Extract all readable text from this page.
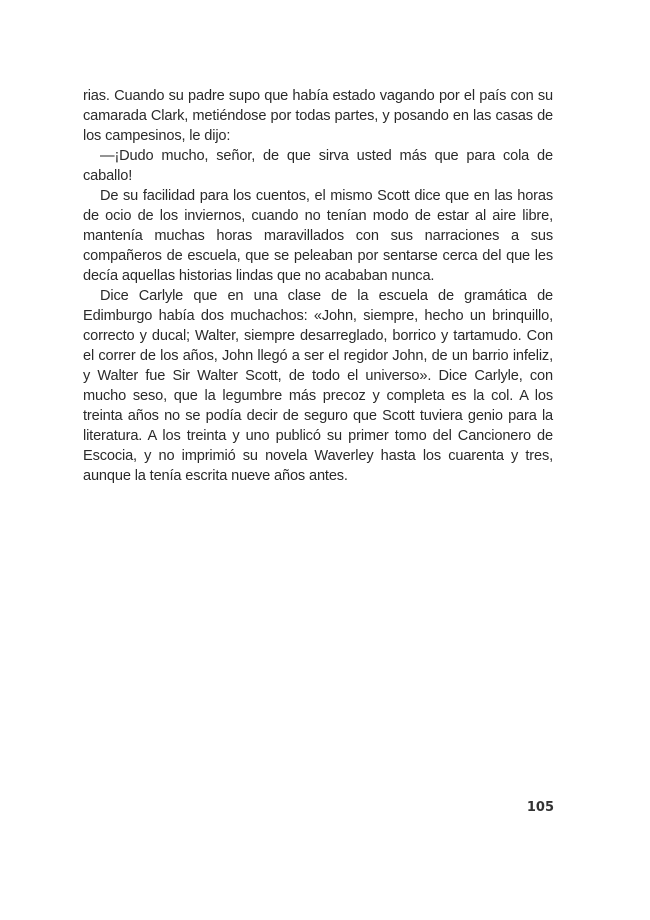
rias. Cuando su padre supo que había estado vagando por el país con su camarada Clark, metiéndose por todas partes, y posando en las casas de los campesinos, le dijo:

—¡Dudo mucho, señor, de que sirva usted más que para cola de caballo!

De su facilidad para los cuentos, el mismo Scott dice que en las horas de ocio de los inviernos, cuando no tenían modo de estar al aire libre, mantenía muchas horas maravillados con sus narraciones a sus compañeros de escuela, que se peleaban por sentarse cerca del que les decía aquellas historias lindas que no acababan nunca.

Dice Carlyle que en una clase de la escuela de gramática de Edimburgo había dos muchachos: «John, siempre, hecho un brinquillo, correcto y ducal; Walter, siempre desarreglado, borrico y tartamudo. Con el correr de los años, John llegó a ser el regidor John, de un barrio infeliz, y Walter fue Sir Walter Scott, de todo el universo». Dice Carlyle, con mucho seso, que la legumbre más precoz y completa es la col. A los treinta años no se podía decir de seguro que Scott tuviera genio para la literatura. A los treinta y uno publicó su primer tomo del Cancionero de Escocia, y no imprimió su novela Waverley hasta los cuarenta y tres, aunque la tenía escrita nueve años antes.

105
